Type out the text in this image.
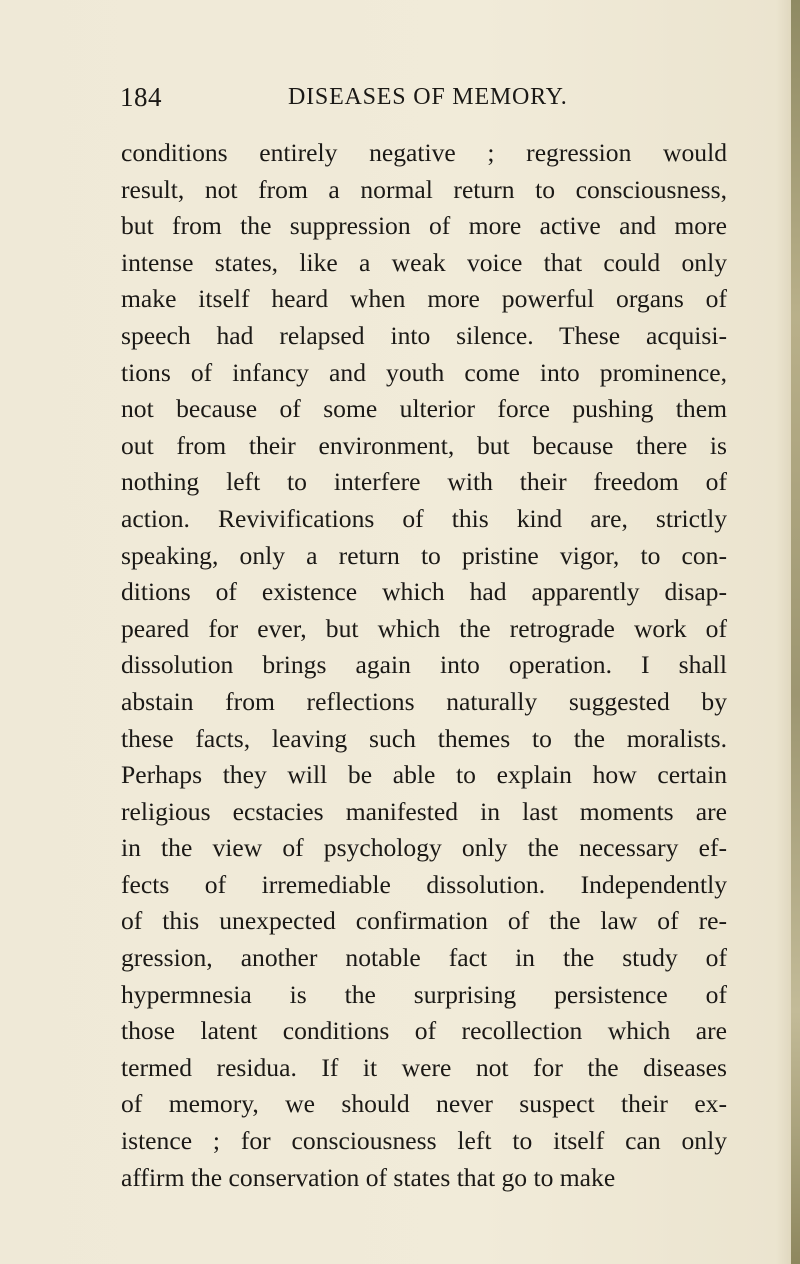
184	DISEASES OF MEMORY.
conditions entirely negative ; regression would
result, not from a normal return to consciousness,
but from the suppression of more active and more
intense states, like a weak voice that could only
make itself heard when more powerful organs of
speech had relapsed into silence. These acquisi-
tions of infancy and youth come into prominence,
not because of some ulterior force pushing them
out from their environment, but because there is
nothing left to interfere with their freedom of
action. Revivifications of this kind are, strictly
speaking, only a return to pristine vigor, to con-
ditions of existence which had apparently disap-
peared for ever, but which the retrograde work of
dissolution brings again into operation. I shall
abstain from reflections naturally suggested by
these facts, leaving such themes to the moralists.
Perhaps they will be able to explain how certain
religious ecstacies manifested in last moments are
in the view of psychology only the necessary ef-
fects of irremediable dissolution. Independently
of this unexpected confirmation of the law of re-
gression, another notable fact in the study of
hypermnesia is the surprising persistence of
those latent conditions of recollection which are
termed residua. If it were not for the diseases
of memory, we should never suspect their ex-
istence ; for consciousness left to itself can only
affirm the conservation of states that go to make
